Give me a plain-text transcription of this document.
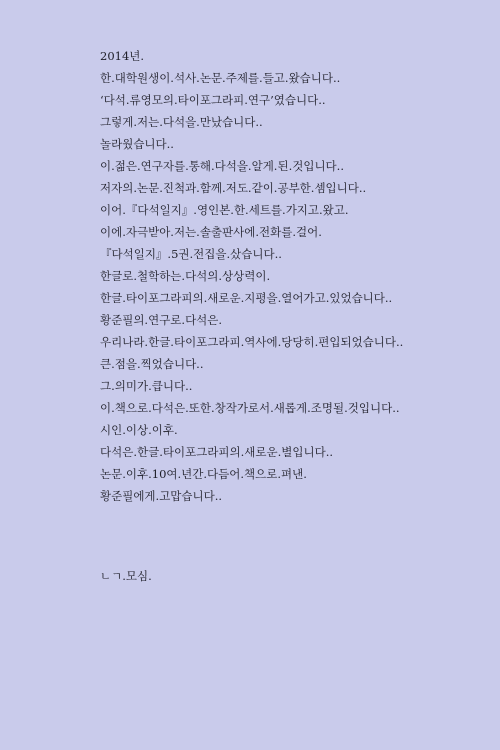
2014년.
한.대학원생이.석사.논문.주제를.들고.왔습니다..
‘다석.류영모의.타이포그라피.연구’였습니다..
그렇게.저는.다석을.만났습니다..
놀라웠습니다..
이.젊은.연구자를.통해.다석을.알게.된.것입니다..
저자의.논문.진척과.함께.저도.같이.공부한.셈입니다..
이어.『다석일지』.영인본.한.세트를.가지고.왔고.
이에.자극받아.저는.솔출판사에.전화를.걸어.
『다석일지』.5권.전집을.샀습니다..
한글로.철학하는.다석의.상상력이.
한글.타이포그라피의.새로운.지평을.열어가고.있었습니다..
황준필의.연구로.다석은.
우리나라.한글.타이포그라피.역사에.당당히.편입되었습니다..
큰.점을.찍었습니다..
그.의미가.큽니다..
이.책으로.다석은.또한.창작가로서.새롭게.조명될.것입니다..
시인.이상.이후.
다석은.한글.타이포그라피의.새로운.별입니다..
논문.이후.10여.년간.다듬어.책으로.펴낸.
황준필에게.고맙습니다..
ㄴㄱ.모심.
